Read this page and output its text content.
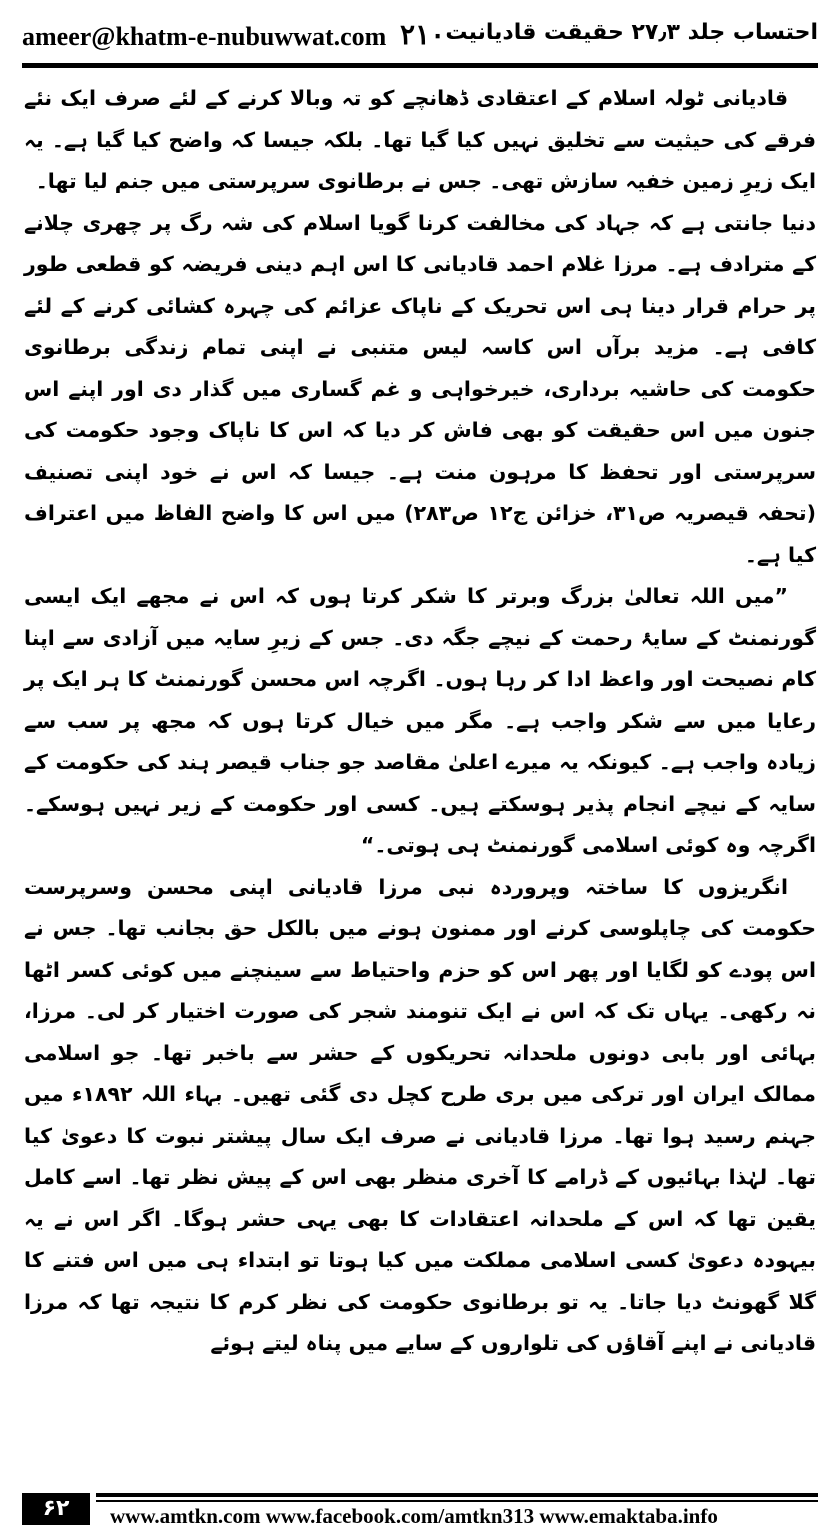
ameer@khatm-e-nubuwwat.com ۲۱۰ احتساب جلد ۲۷٫۳ حقیقت قادیانیت

قادیانی ٹولہ اسلام کے اعتقادی ڈھانچے کو تہ وبالا کرنے کے لئے صرف ایک نئے فرقے کی حیثیت سے تخلیق نہیں کیا گیا تھا۔ بلکہ جیسا کہ واضح کیا گیا ہے۔ یہ ایک زیرِ زمین خفیہ سازش تھی۔ جس نے برطانوی سرپرستی میں جنم لیا تھا۔

دنیا جانتی ہے کہ جہاد کی مخالفت کرنا گویا اسلام کی شہ رگ پر چھری چلانے کے مترادف ہے۔ مرزا غلام احمد قادیانی کا اس اہم دینی فریضہ کو قطعی طور پر حرام قرار دینا ہی اس تحریک کے ناپاک عزائم کی چہرہ کشائی کرنے کے لئے کافی ہے۔ مزید برآں اس کاسہ لیس متنبی نے اپنی تمام زندگی برطانوی حکومت کی حاشیہ برداری، خیرخواہی و غم گساری میں گذار دی اور اپنے اس جنون میں اس حقیقت کو بھی فاش کر دیا کہ اس کا ناپاک وجود حکومت کی سرپرستی اور تحفظ کا مرہون منت ہے۔ جیسا کہ اس نے خود اپنی تصنیف (تحفہ قیصریہ ص۳۱، خزائن ج۱۲ ص۲۸۳) میں اس کا واضح الفاظ میں اعتراف کیا ہے۔

”میں اللہ تعالیٰ بزرگ وبرتر کا شکر کرتا ہوں کہ اس نے مجھے ایک ایسی گورنمنٹ کے سایۂ رحمت کے نیچے جگہ دی۔ جس کے زیرِ سایہ میں آزادی سے اپنا کام نصیحت اور واعظ ادا کر رہا ہوں۔ اگرچہ اس محسن گورنمنٹ کا ہر ایک پر رعایا میں سے شکر واجب ہے۔ مگر میں خیال کرتا ہوں کہ مجھ پر سب سے زیادہ واجب ہے۔ کیونکہ یہ میرے اعلیٰ مقاصد جو جناب قیصر ہند کی حکومت کے سایہ کے نیچے انجام پذیر ہوسکتے ہیں۔ کسی اور حکومت کے زیر نہیں ہوسکے۔ اگرچہ وہ کوئی اسلامی گورنمنٹ ہی ہوتی۔“

انگریزوں کا ساختہ وپروردہ نبی مرزا قادیانی اپنی محسن وسرپرست حکومت کی چاپلوسی کرنے اور ممنون ہونے میں بالکل حق بجانب تھا۔ جس نے اس پودے کو لگایا اور پھر اس کو حزم واحتیاط سے سینچنے میں کوئی کسر اٹھا نہ رکھی۔ یہاں تک کہ اس نے ایک تنومند شجر کی صورت اختیار کر لی۔ مرزا، بہائی اور بابی دونوں ملحدانہ تحریکوں کے حشر سے باخبر تھا۔ جو اسلامی ممالک ایران اور ترکی میں بری طرح کچل دی گئی تھیں۔ بہاء اللہ ۱۸۹۲ء میں جہنم رسید ہوا تھا۔ مرزا قادیانی نے صرف ایک سال پیشتر نبوت کا دعویٰ کیا تھا۔ لہٰذا بہائیوں کے ڈرامے کا آخری منظر بھی اس کے پیش نظر تھا۔ اسے کامل یقین تھا کہ اس کے ملحدانہ اعتقادات کا بھی یہی حشر ہوگا۔ اگر اس نے یہ بیہودہ دعویٰ کسی اسلامی مملکت میں کیا ہوتا تو ابتداء ہی میں اس فتنے کا گلا گھونٹ دیا جاتا۔ یہ تو برطانوی حکومت کی نظر کرم کا نتیجہ تھا کہ مرزا قادیانی نے اپنے آقاؤں کی تلواروں کے سایے میں پناہ لیتے ہوئے

۶۲	www.amtkn.com www.facebook.com/amtkn313 www.emaktaba.info
